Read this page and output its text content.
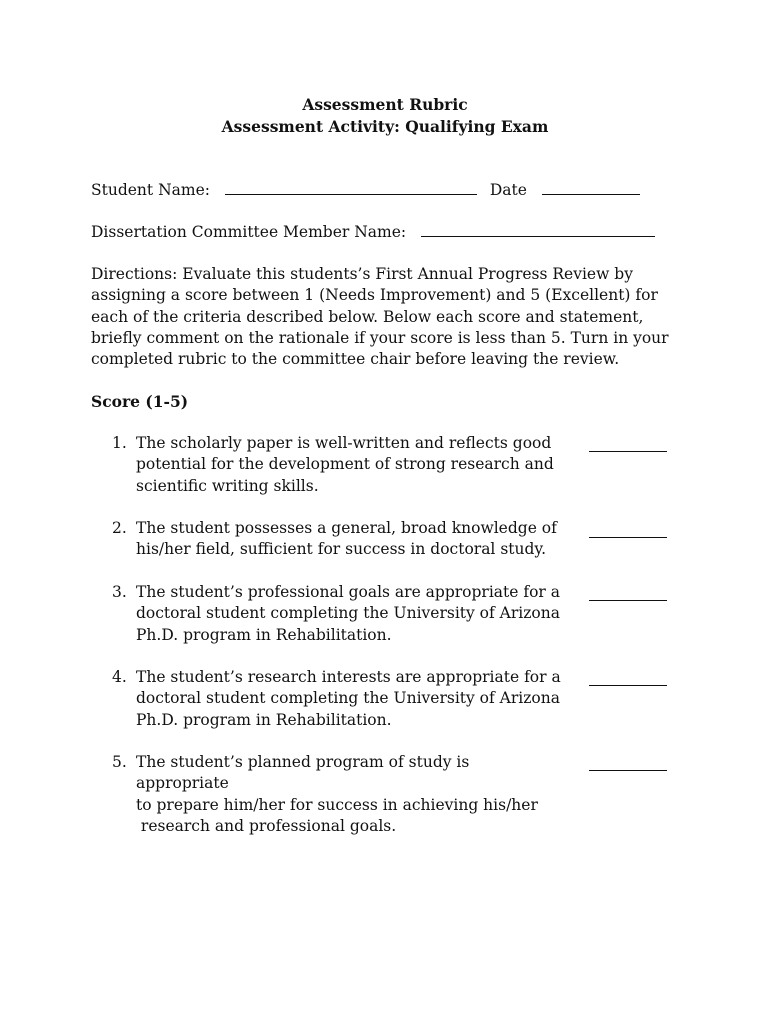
Assessment Rubric
Assessment Activity: Qualifying Exam
Student Name:	Date
Dissertation Committee Member Name:
Directions: Evaluate this students’s First Annual Progress Review by assigning a score between 1 (Needs Improvement) and 5 (Excellent) for each of the criteria described below. Below each score and statement, briefly comment on the rationale if your score is less than 5. Turn in your completed rubric to the committee chair before leaving the review.
Score (1-5)
1. The scholarly paper is well-written and reflects good
potential for the development of strong research and
scientific writing skills.
2. The student possesses a general, broad knowledge of
his/her field, sufficient for success in doctoral study.
3. The student’s professional goals are appropriate for a
doctoral student completing the University of Arizona
Ph.D. program in Rehabilitation.
4. The student’s research interests are appropriate for a
doctoral student completing the University of Arizona
Ph.D. program in Rehabilitation.
5. The student’s planned program of study is appropriate
to prepare him/her for success in achieving his/her
research and professional goals.
